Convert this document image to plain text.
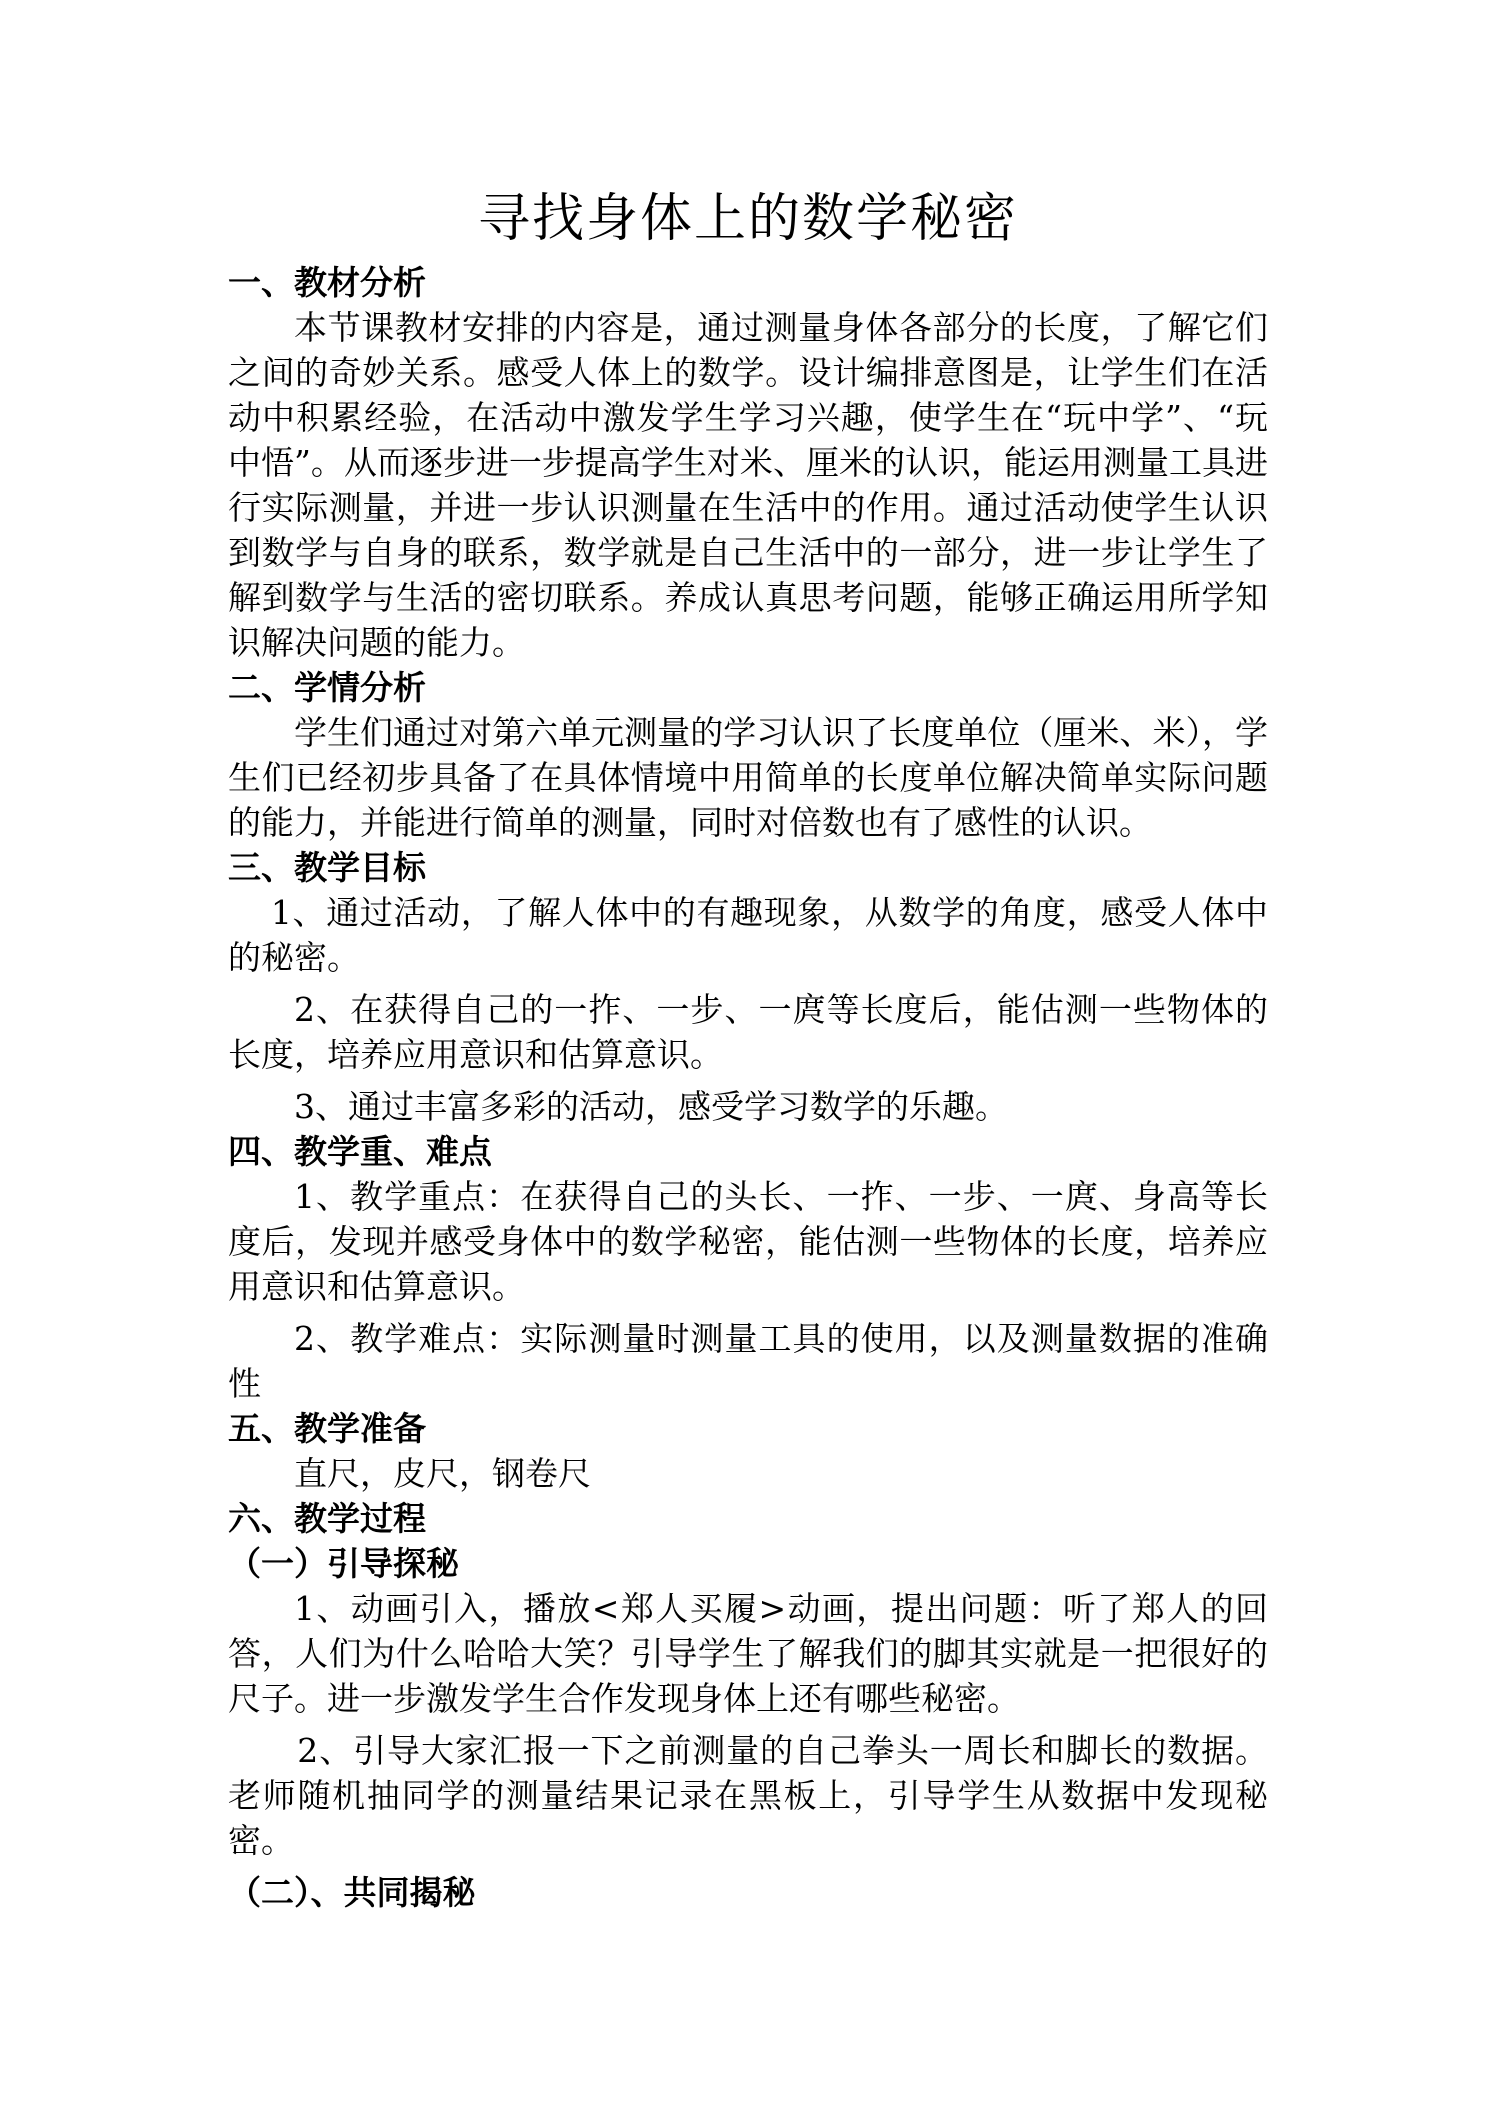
寻找身体上的数学秘密
一、教材分析

本节课教材安排的内容是，通过测量身体各部分的长度，了解它们之间的奇妙关系。感受人体上的数学。设计编排意图是，让学生们在活动中积累经验，在活动中激发学生学习兴趣，使学生在“玩中学”、“玩中悟”。从而逐步进一步提高学生对米、厘米的认识，能运用测量工具进行实际测量，并进一步认识测量在生活中的作用。通过活动使学生认识到数学与自身的联系，数学就是自己生活中的一部分，进一步让学生了解到数学与生活的密切联系。养成认真思考问题，能够正确运用所学知识解决问题的能力。

二、学情分析

学生们通过对第六单元测量的学习认识了长度单位（厘米、米），学生们已经初步具备了在具体情境中用简单的长度单位解决简单实际问题的能力，并能进行简单的测量，同时对倍数也有了感性的认识。

三、教学目标

1、通过活动，了解人体中的有趣现象，从数学的角度，感受人体中的秘密。

2、在获得自己的一拃、一步、一庹等长度后，能估测一些物体的长度，培养应用意识和估算意识。

3、通过丰富多彩的活动，感受学习数学的乐趣。

四、教学重、难点

1、教学重点：在获得自己的头长、一拃、一步、一庹、身高等长度后，发现并感受身体中的数学秘密，能估测一些物体的长度，培养应用意识和估算意识。

2、教学难点：实际测量时测量工具的使用，以及测量数据的准确性

五、教学准备

直尺，皮尺，钢卷尺

六、教学过程
（一）引导探秘

1、动画引入，播放<郑人买履>动画，提出问题：听了郑人的回答，人们为什么哈哈大笑？引导学生了解我们的脚其实就是一把很好的尺子。进一步激发学生合作发现身体上还有哪些秘密。

2、引导大家汇报一下之前测量的自己拳头一周长和脚长的数据。老师随机抽同学的测量结果记录在黑板上，引导学生从数据中发现秘密。

（二）、共同揭秘
